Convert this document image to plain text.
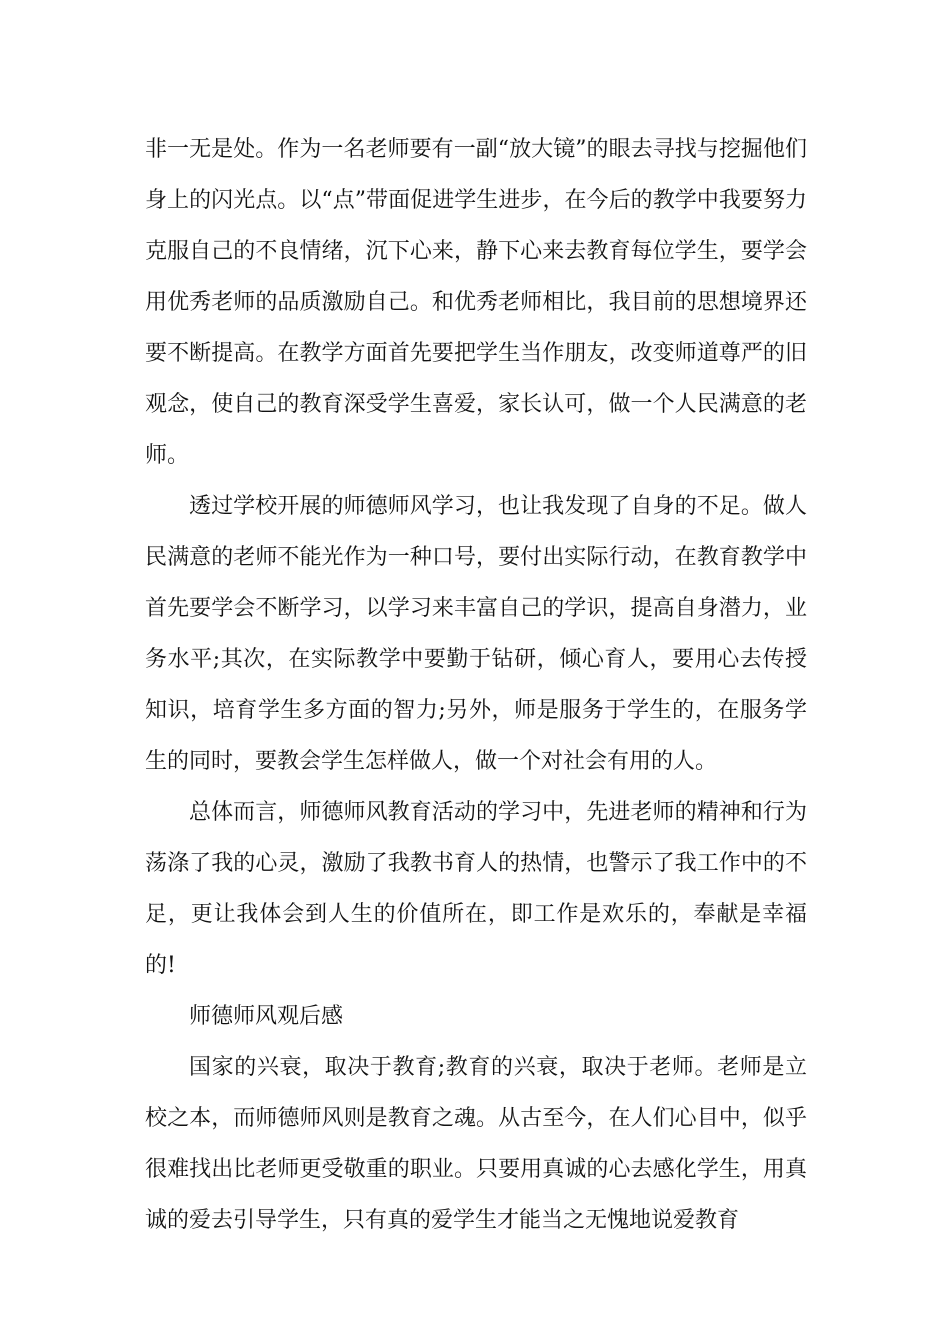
非一无是处。作为一名老师要有一副“放大镜”的眼去寻找与挖掘他们身上的闪光点。以“点”带面促进学生进步，在今后的教学中我要努力克服自己的不良情绪，沉下心来，静下心来去教育每位学生，要学会用优秀老师的品质激励自己。和优秀老师相比，我目前的思想境界还要不断提高。在教学方面首先要把学生当作朋友，改变师道尊严的旧观念，使自己的教育深受学生喜爱，家长认可，做一个人民满意的老师。

透过学校开展的师德师风学习，也让我发现了自身的不足。做人民满意的老师不能光作为一种口号，要付出实际行动，在教育教学中首先要学会不断学习，以学习来丰富自己的学识，提高自身潜力，业务水平;其次，在实际教学中要勤于钻研，倾心育人，要用心去传授知识，培育学生多方面的智力;另外，师是服务于学生的，在服务学生的同时，要教会学生怎样做人，做一个对社会有用的人。

总体而言，师德师风教育活动的学习中，先进老师的精神和行为荡涤了我的心灵，激励了我教书育人的热情，也警示了我工作中的不足，更让我体会到人生的价值所在，即工作是欢乐的，奉献是幸福的!

师德师风观后感

国家的兴衰，取决于教育;教育的兴衰，取决于老师。老师是立校之本，而师德师风则是教育之魂。从古至今，在人们心目中，似乎很难找出比老师更受敬重的职业。只要用真诚的心去感化学生，用真诚的爱去引导学生，只有真的爱学生才能当之无愧地说爱教育
